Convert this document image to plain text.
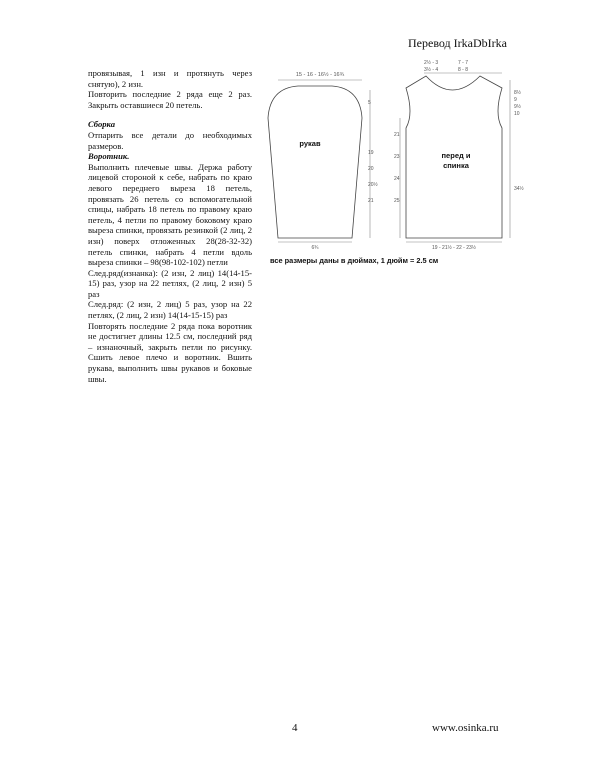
Перевод IrkaDbIrka

провязывая, 1 изн и протянуть через снятую), 2 изн.

Повторить последние 2 ряда еще 2 раз. Закрыть оставшиеся 20 петель.

Сборка

Отпарить все детали до необходимых размеров.

Воротник.

Выполнить плечевые швы. Держа работу лицевой стороной к себе, набрать по краю левого переднего выреза 18 петель, провязать 26 петель со вспомогательной спицы, набрать 18 петель по правому краю петель, 4 петли по правому боковому краю выреза спинки, провязать резинкой (2 лиц, 2 изн) поверх отложенных 28(28-32-32) петель спинки, набрать 4 петли вдоль выреза спинки – 98(98-102-102) петли

След.ряд(изнанка): (2 изн, 2 лиц) 14(14-15-15) раз, узор на 22 петлях, (2 лиц, 2 изн) 5 раз

След.ряд: (2 изн, 2 лиц) 5 раз, узор на 22 петлях, (2 лиц, 2 изн) 14(14-15-15) раз

Повторять последние 2 ряда пока воротник не достигнет длины 12.5 см, последний ряд – изнаночный, закрыть петли по рисунку. Сшить левое плечо и воротник. Вшить рукава, выполнить швы рукавов и боковые швы.

15 - 16 - 16½ - 16¾
рукав
5
19
20
20½
21
6¾
2½ - 3
3½ - 4
7 - 7
8 - 8
перед и
спинка
21
23
24
25
8½
9
9½
10
34½
19 - 21½ - 22 - 23½
все размеры даны в дюймах, 1 дюйм = 2.5 см
4	www.osinka.ru
